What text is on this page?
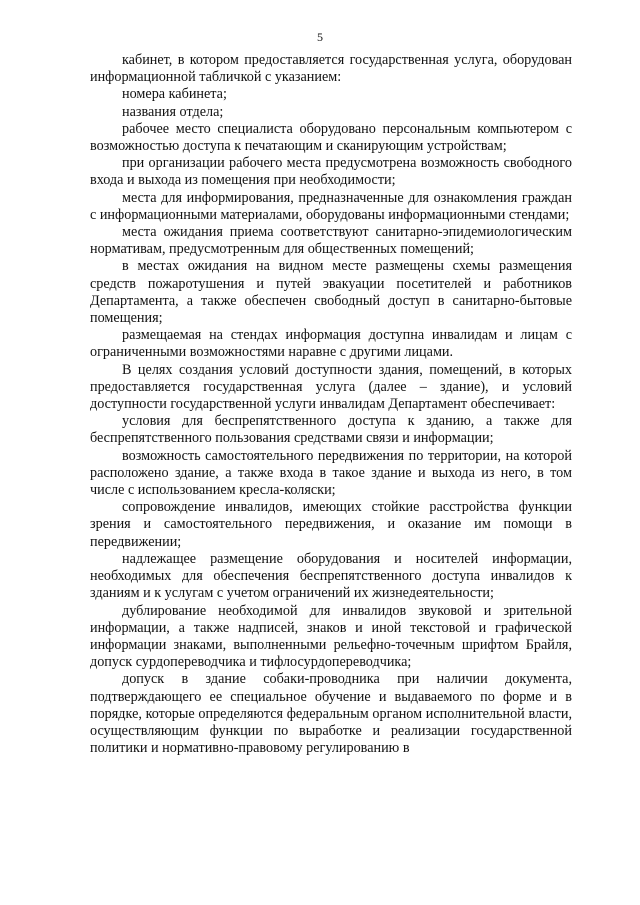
5

кабинет, в котором предоставляется государственная услуга, оборудован информационной табличкой с указанием:

номера кабинета;

названия отдела;

рабочее место специалиста оборудовано персональным компьютером с возможностью доступа к печатающим и сканирующим устройствам;

при организации рабочего места предусмотрена возможность свободного входа и выхода из помещения при необходимости;

места для информирования, предназначенные для ознакомления граждан с информационными материалами, оборудованы информационными стендами;

места ожидания приема соответствуют санитарно-эпидемиологическим нормативам, предусмотренным для общественных помещений;

в местах ожидания на видном месте размещены схемы размещения средств пожаротушения и путей эвакуации посетителей и работников Департамента, а также обеспечен свободный доступ в санитарно-бытовые помещения;

размещаемая на стендах информация доступна инвалидам и лицам с ограниченными возможностями наравне с другими лицами.

В целях создания условий доступности здания, помещений, в которых предоставляется государственная услуга (далее – здание), и условий доступности государственной услуги инвалидам Департамент обеспечивает:

условия для беспрепятственного доступа к зданию, а также для беспрепятственного пользования средствами связи и информации;

возможность самостоятельного передвижения по территории, на которой расположено здание, а также входа в такое здание и выхода из него, в том числе с использованием кресла-коляски;

сопровождение инвалидов, имеющих стойкие расстройства функции зрения и самостоятельного передвижения, и оказание им помощи в передвижении;

надлежащее размещение оборудования и носителей информации, необходимых для обеспечения беспрепятственного доступа инвалидов к зданиям и к услугам с учетом ограничений их жизнедеятельности;

дублирование необходимой для инвалидов звуковой и зрительной информации, а также надписей, знаков и иной текстовой и графической информации знаками, выполненными рельефно-точечным шрифтом Брайля, допуск сурдопереводчика и тифлосурдопереводчика;

допуск в здание собаки-проводника при наличии документа, подтверждающего ее специальное обучение и выдаваемого по форме и в порядке, которые определяются федеральным органом исполнительной власти, осуществляющим функции по выработке и реализации государственной политики и нормативно-правовому регулированию в
